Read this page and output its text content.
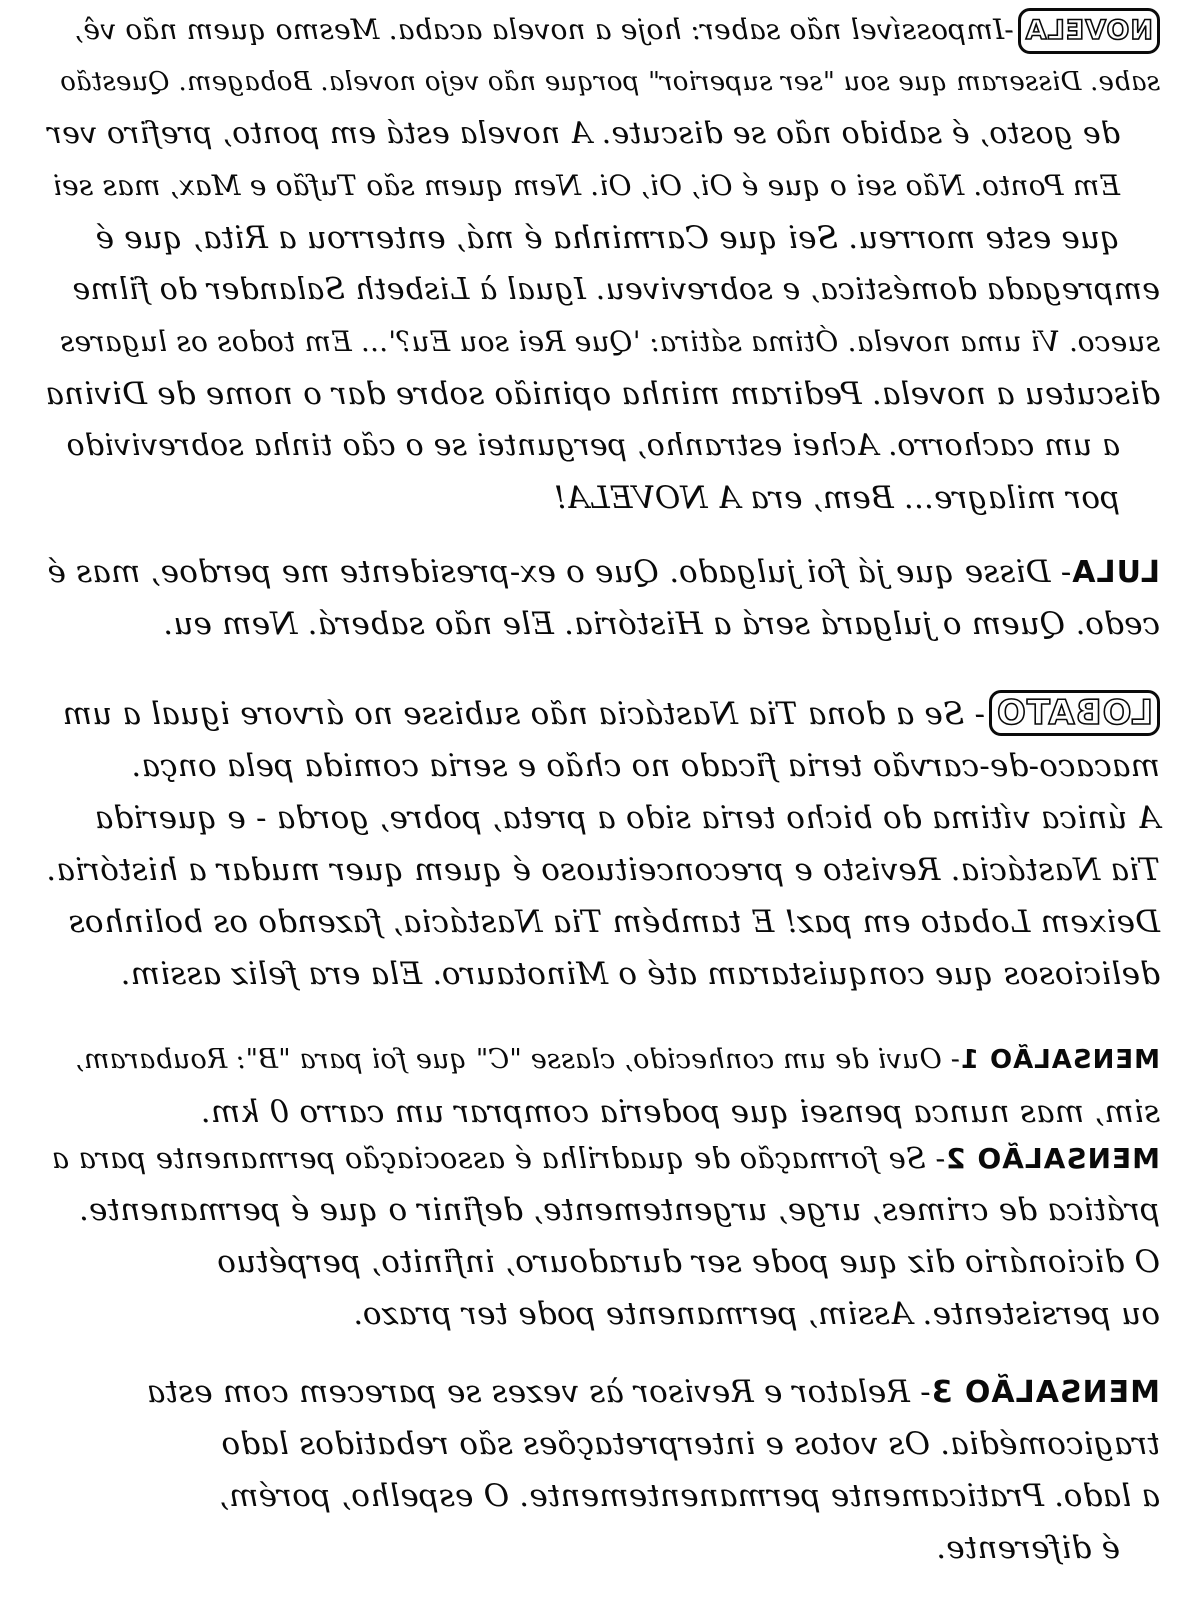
NOVELA-Impossível não saber: hoje a novela acaba. Mesmo quem não vê,
sabe. Disseram que sou "ser superior" porque não vejo novela. Bobagem. Questão
de gosto, é sabido não se discute. A novela está em ponto, prefiro ver
Em Ponto. Não sei o que é Oi, Oi, Oi. Nem quem são Tufão e Max, mas sei
que este morreu. Sei que Carminha é má, enterrou a Rita, que é
empregada doméstica, e sobreviveu. Igual à Lisbeth Salander do filme
sueco. Vi uma novela. Ótima sátira: 'Que Rei sou Eu?'... Em todos os lugares
discuteu a novela. Pediram minha opinião sobre dar o nome de Divina
a um cachorro. Achei estranho, perguntei se o cão tinha sobrevivido
por milagre... Bem, era A NOVELA!
LULA- Disse que já foi julgado. Que o ex-presidente me perdoe, mas é
cedo. Quem o julgará será a História. Ele não saberá. Nem eu.
LOBATO- Se a dona Tia Nastácia não subisse no árvore igual a um
macaco-de-carvão teria ficado no chão e seria comida pela onça.
A única vítima do bicho teria sido a preta, pobre, gorda - e querida
Tia Nastácia. Revisto e preconceituoso é quem quer mudar a história.
Deixem Lobato em paz! E também Tia Nastácia, fazendo os bolinhos
deliciosos que conquistaram até o Minotauro. Ela era feliz assim.
MENSALÃO 1- Ouvi de um conhecido, classe "C" que foi para "B": Roubaram,
sim, mas nunca pensei que poderia comprar um carro 0 km.
MENSALÃO 2- Se formação de quadrilha é associação permanente para a
prática de crimes, urge, urgentemente, definir o que é permanente.
O dicionário diz que pode ser duradouro, infinito, perpétuo
ou persistente. Assim, permanente pode ter prazo.
MENSALÃO 3- Relator e Revisor às vezes se parecem com esta
tragicomédia. Os votos e interpretações são rebatidos lado
a lado. Praticamente permanentemente. O espelho, porém,
é diferente.
